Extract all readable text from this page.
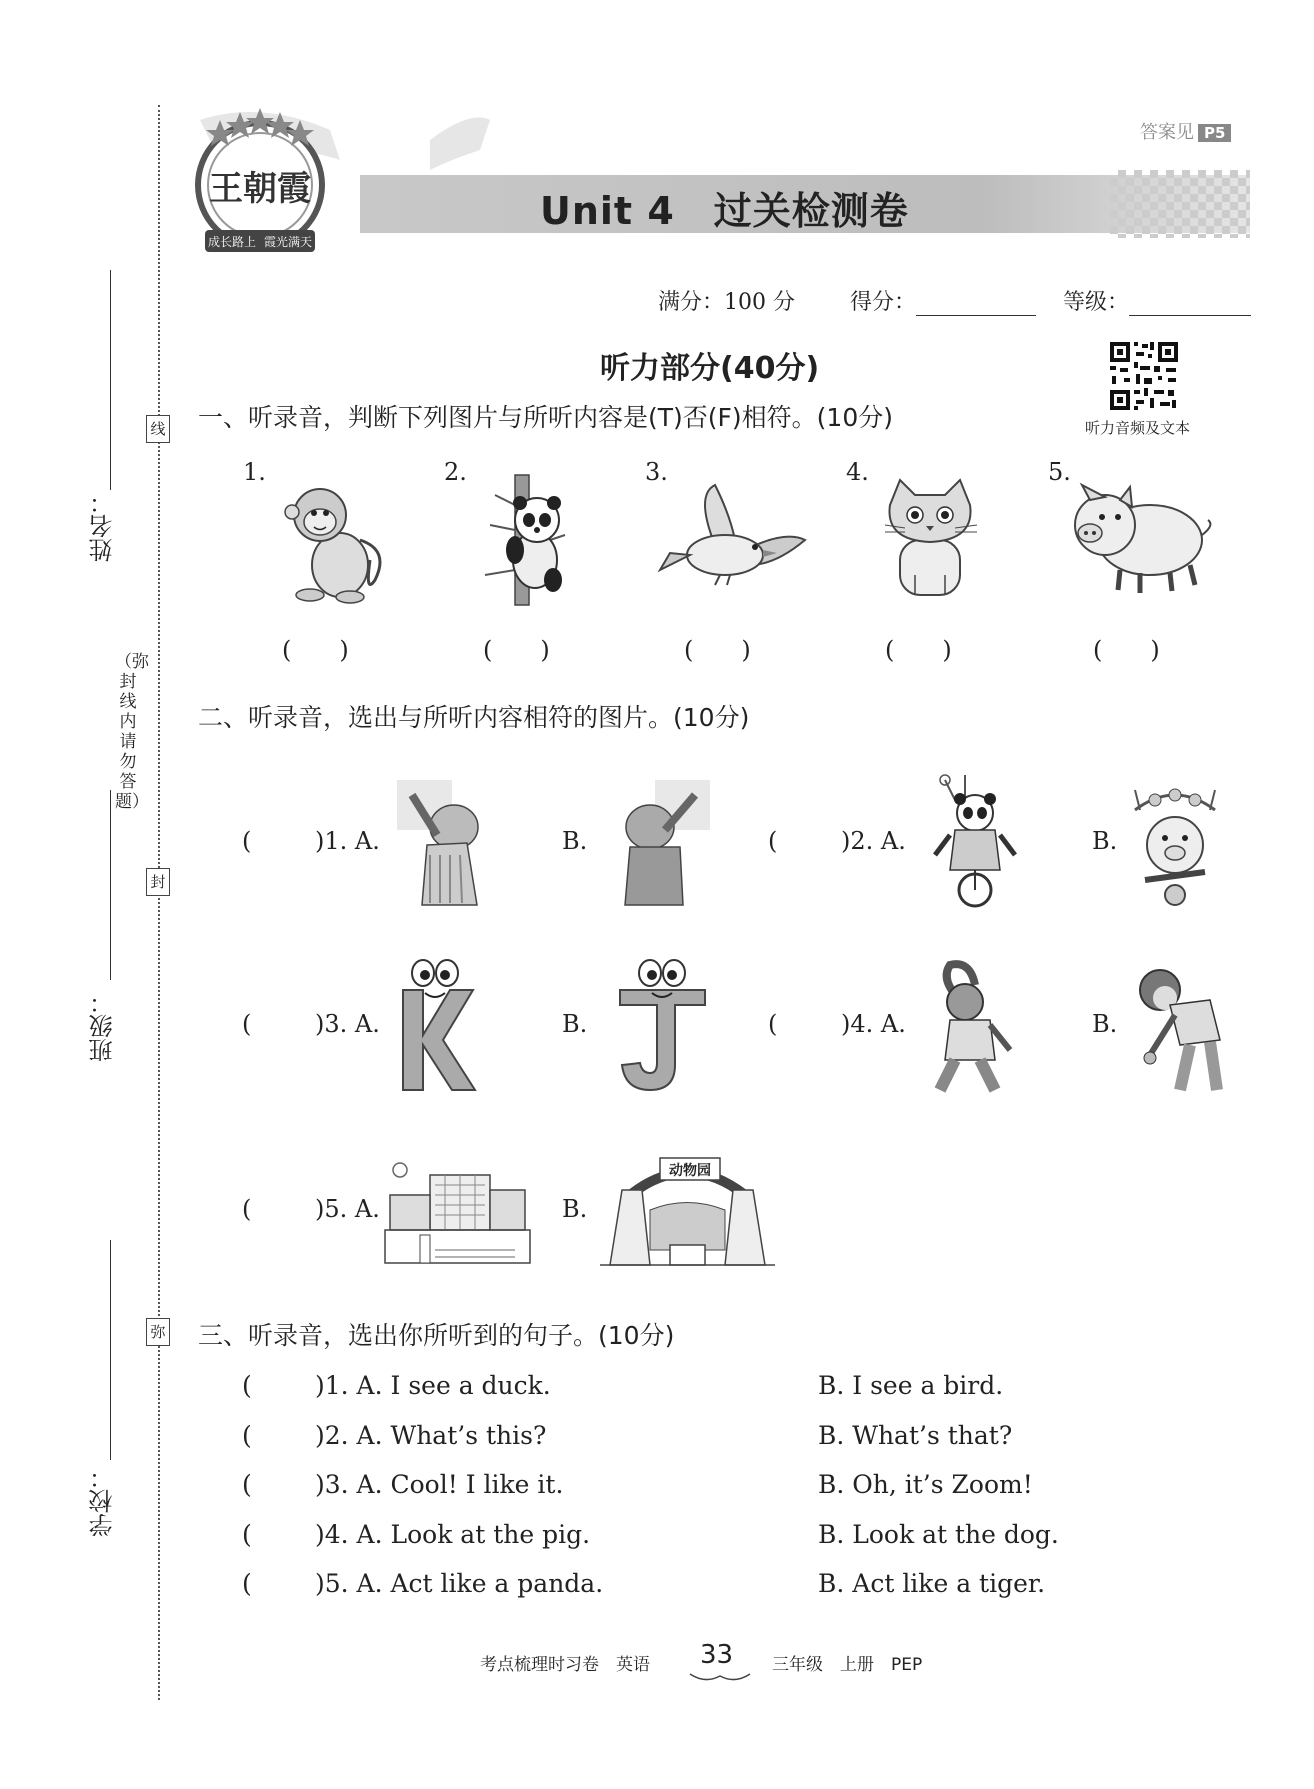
姓名：
班级：
学校：
线
封
弥
（弥封线内请勿答题）
王朝霞
成长路上 霞光满天
答案见 P5
Unit 4　过关检测卷
满分：100 分	得分：	等级：
听力部分(40分)
听力音频及文本
一、听录音，判断下列图片与所听内容是(T)否(F)相符。(10分)
1.	2.	3.	4.	5.
(　　)	(　　)	(　　)	(　　)	(　　)
二、听录音，选出与所听内容相符的图片。(10分)
(	)1. A.	B.	(	)2. A.	B.
(	)3. A.	B.	(	)4. A.	B.
(	)5. A.	B.
动物园
三、听录音，选出你所听到的句子。(10分)
(	)1. A. I see a duck.	B. I see a bird.
(	)2. A. What’s this?	B. What’s that?
(	)3. A. Cool! I like it.	B. Oh, it’s Zoom!
(	)4. A. Look at the pig.	B. Look at the dog.
(	)5. A. Act like a panda.	B. Act like a tiger.
考点梳理时习卷　英语 33 三年级　上册　PEP
